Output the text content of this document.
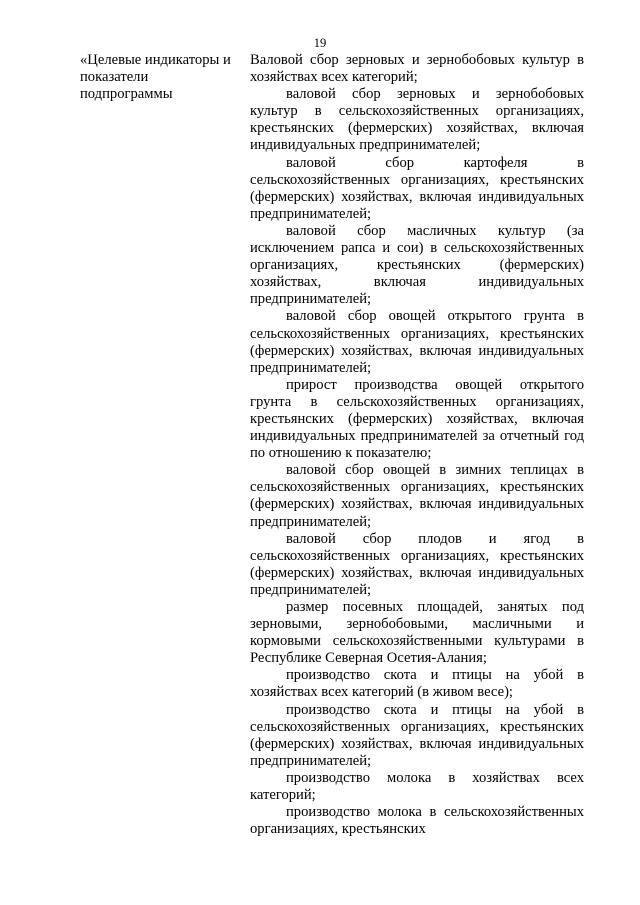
19
«Целевые индикаторы и показатели подпрограммы

Валовой сбор зерновых и зернобобовых культур в хозяйствах всех категорий;

валовой сбор зерновых и зернобобовых культур в сельскохозяйственных организациях, крестьянских (фермерских) хозяйствах, включая индивидуальных предпринимателей;

валовой сбор картофеля в сельскохозяйственных организациях, крестьянских (фермерских) хозяйствах, включая индивидуальных предпринимателей;

валовой сбор масличных культур (за исключением рапса и сои) в сельскохозяйственных организациях, крестьянских (фермерских) хозяйствах, включая индивидуальных предпринимателей;

валовой сбор овощей открытого грунта в сельскохозяйственных организациях, крестьянских (фермерских) хозяйствах, включая индивидуальных предпринимателей;

прирост производства овощей открытого грунта в сельскохозяйственных организациях, крестьянских (фермерских) хозяйствах, включая индивидуальных предпринимателей за отчетный год по отношению к показателю;

валовой сбор овощей в зимних теплицах в сельскохозяйственных организациях, крестьянских (фермерских) хозяйствах, включая индивидуальных предпринимателей;

валовой сбор плодов и ягод в сельскохозяйственных организациях, крестьянских (фермерских) хозяйствах, включая индивидуальных предпринимателей;

размер посевных площадей, занятых под зерновыми, зернобобовыми, масличными и кормовыми сельскохозяйственными культурами в Республике Северная Осетия-Алания;

производство скота и птицы на убой в хозяйствах всех категорий (в живом весе);

производство скота и птицы на убой в сельскохозяйственных организациях, крестьянских (фермерских) хозяйствах, включая индивидуальных предпринимателей;

производство молока в хозяйствах всех категорий;

производство молока в сельскохозяйственных организациях, крестьянских
